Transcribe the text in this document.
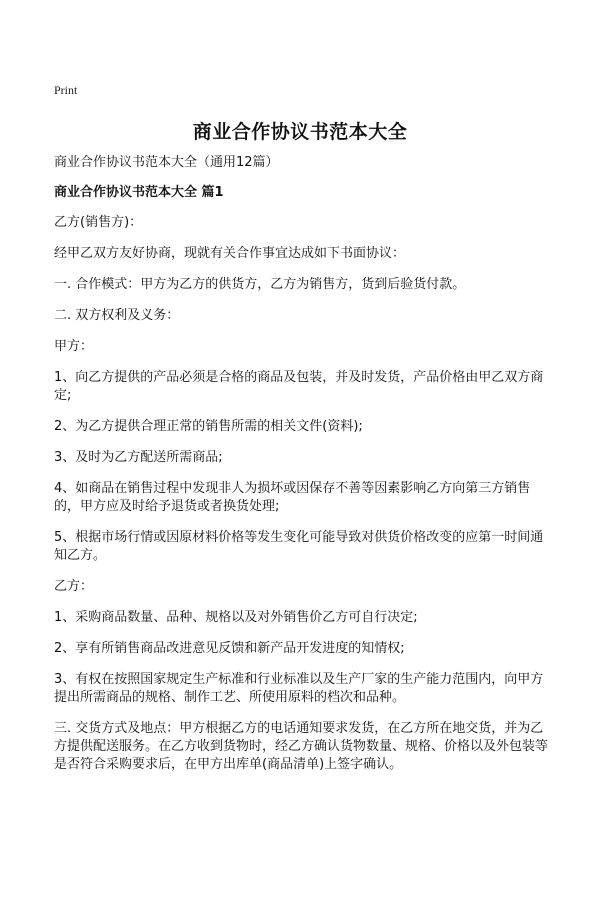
Print
商业合作协议书范本大全

商业合作协议书范本大全（通用12篇）

商业合作协议书范本大全 篇1

乙方(销售方)：

经甲乙双方友好协商，现就有关合作事宜达成如下书面协议：

一. 合作模式：甲方为乙方的供货方，乙方为销售方，货到后验货付款。

二. 双方权利及义务：

甲方：

1、向乙方提供的产品必须是合格的商品及包装，并及时发货，产品价格由甲乙双方商定;

2、为乙方提供合理正常的销售所需的相关文件(资料);

3、及时为乙方配送所需商品;

4、如商品在销售过程中发现非人为损坏或因保存不善等因素影响乙方向第三方销售的，甲方应及时给予退货或者换货处理;

5、根据市场行情或因原材料价格等发生变化可能导致对供货价格改变的应第一时间通知乙方。

乙方：

1、采购商品数量、品种、规格以及对外销售价乙方可自行决定;

2、享有所销售商品改进意见反馈和新产品开发进度的知情权;

3、有权在按照国家规定生产标准和行业标准以及生产厂家的生产能力范围内，向甲方提出所需商品的规格、制作工艺、所使用原料的档次和品种。

三. 交货方式及地点：甲方根据乙方的电话通知要求发货，在乙方所在地交货，并为乙方提供配送服务。在乙方收到货物时，经乙方确认货物数量、规格、价格以及外包装等是否符合采购要求后，在甲方出库单(商品清单)上签字确认。
